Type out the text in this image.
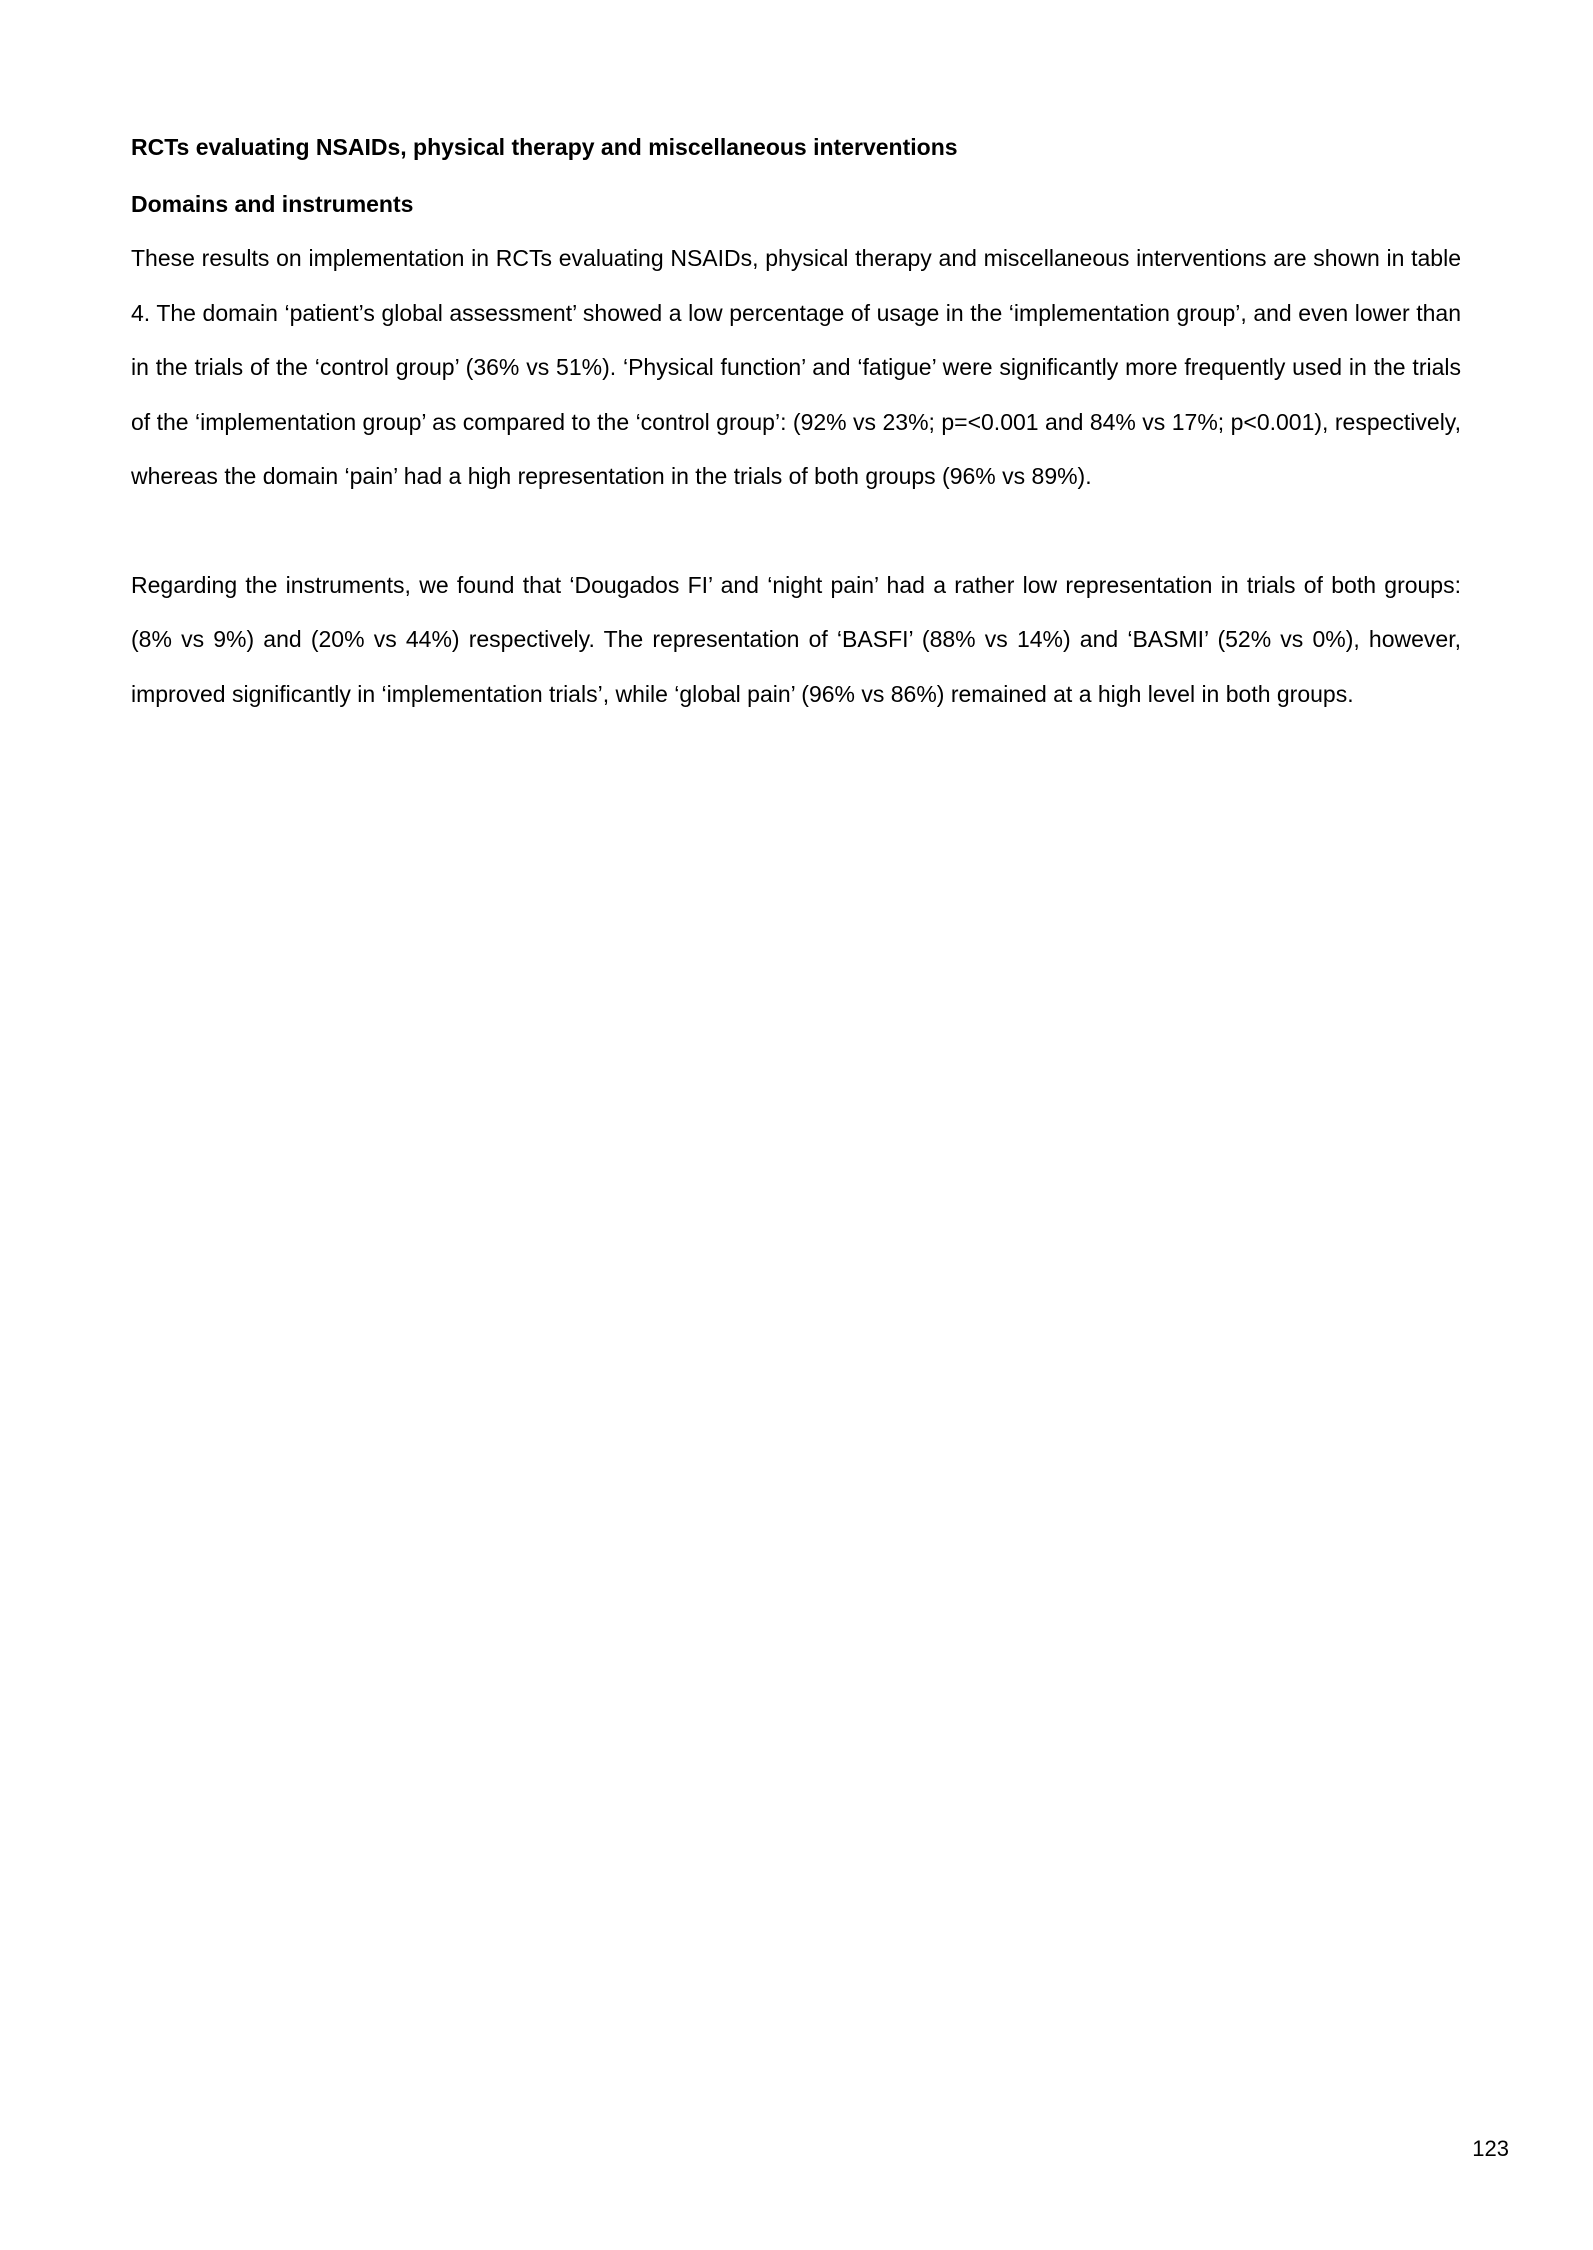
RCTs evaluating NSAIDs, physical therapy and miscellaneous interventions
Domains and instruments

These results on implementation in RCTs evaluating NSAIDs, physical therapy and miscellaneous interventions are shown in table 4. The domain ‘patient’s global assessment’ showed a low percentage of usage in the ‘implementation group’, and even lower than in the trials of the ‘control group’ (36% vs 51%). ‘Physical function’ and ‘fatigue’ were significantly more frequently used in the trials of the ‘implementation group’ as compared to the ‘control group’: (92% vs 23%; p=<0.001 and 84% vs 17%; p<0.001), respectively, whereas the domain ‘pain’ had a high representation in the trials of both groups (96% vs 89%).

Regarding the instruments, we found that ‘Dougados FI’ and ‘night pain’ had a rather low representation in trials of both groups: (8% vs 9%) and (20% vs 44%) respectively. The representation of ‘BASFI’ (88% vs 14%) and ‘BASMI’ (52% vs 0%), however, improved significantly in ‘implementation trials’, while ‘global pain’ (96% vs 86%) remained at a high level in both groups.

123
